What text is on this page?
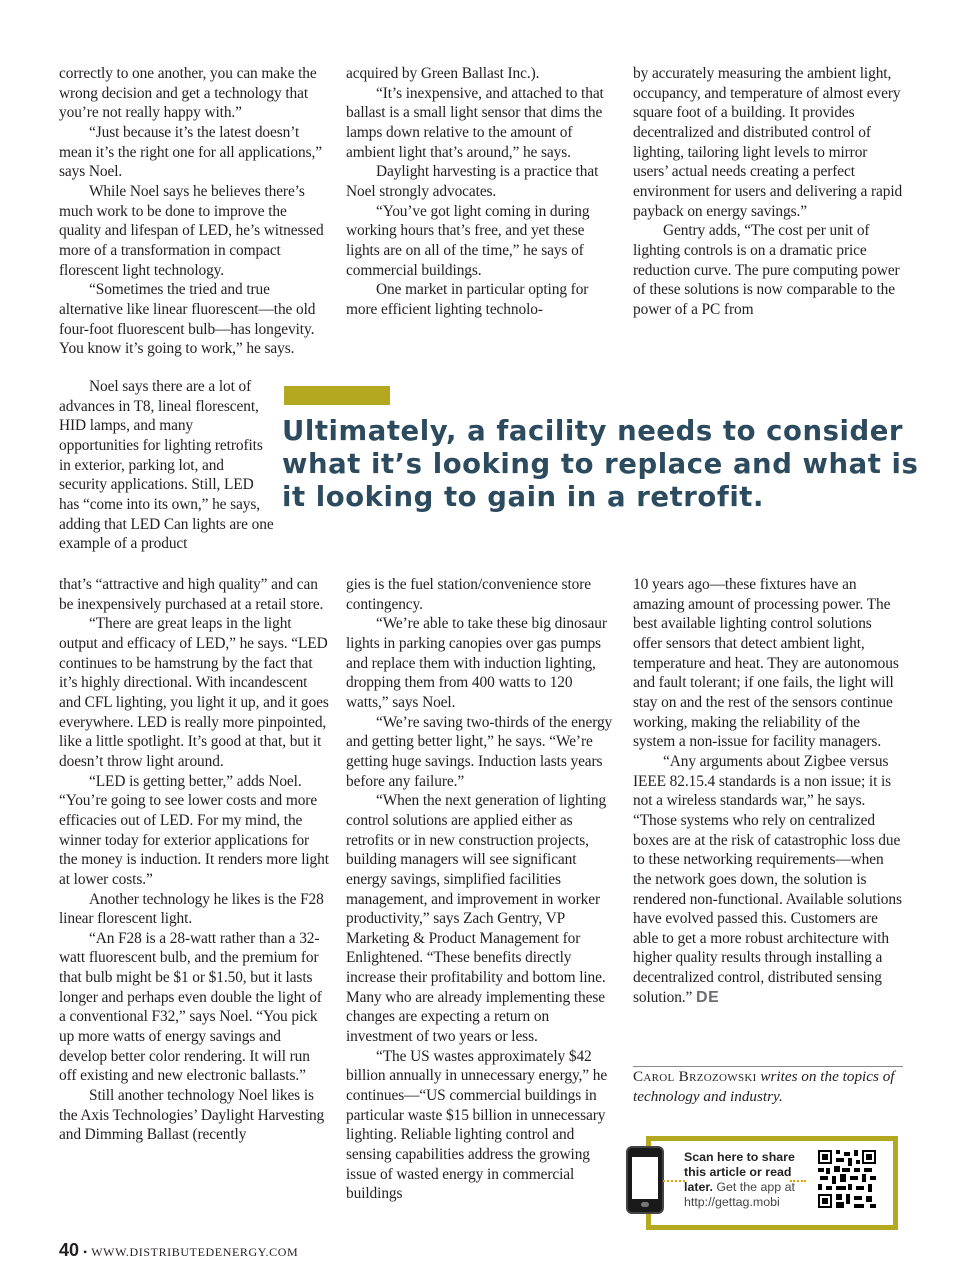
correctly to one another, you can make the wrong decision and get a technology that you’re not really happy with.”

“Just because it’s the latest doesn’t mean it’s the right one for all applications,” says Noel.

While Noel says he believes there’s much work to be done to improve the quality and lifespan of LED, he’s witnessed more of a transformation in compact florescent light technology.

“Sometimes the tried and true alternative like linear fluorescent—the old four-foot fluorescent bulb—has longevity. You know it’s going to work,” he says.

Noel says there are a lot of advances in T8, lineal florescent, HID lamps, and many opportunities for lighting retrofits in exterior, parking lot, and security applications. Still, LED has “come into its own,” he says, adding that LED Can lights are one example of a product

that’s “attractive and high quality” and can be inexpensively purchased at a retail store.

“There are great leaps in the light output and efficacy of LED,” he says. “LED continues to be hamstrung by the fact that it’s highly directional. With incandescent and CFL lighting, you light it up, and it goes everywhere. LED is really more pinpointed, like a little spotlight. It’s good at that, but it doesn’t throw light around.

“LED is getting better,” adds Noel. “You’re going to see lower costs and more efficacies out of LED. For my mind, the winner today for exterior applications for the money is induction. It renders more light at lower costs.”

Another technology he likes is the F28 linear florescent light.

“An F28 is a 28-watt rather than a 32-watt fluorescent bulb, and the premium for that bulb might be $1 or $1.50, but it lasts longer and perhaps even double the light of a conventional F32,” says Noel. “You pick up more watts of energy savings and develop better color rendering. It will run off existing and new electronic ballasts.”

Still another technology Noel likes is the Axis Technologies’ Daylight Harvesting and Dimming Ballast (recently

acquired by Green Ballast Inc.).

“It’s inexpensive, and attached to that ballast is a small light sensor that dims the lamps down relative to the amount of ambient light that’s around,” he says.

Daylight harvesting is a practice that Noel strongly advocates.

“You’ve got light coming in during working hours that’s free, and yet these lights are on all of the time,” he says of commercial buildings.

One market in particular opting for more efficient lighting technolo-

gies is the fuel station/convenience store contingency.

“We’re able to take these big dinosaur lights in parking canopies over gas pumps and replace them with induction lighting, dropping them from 400 watts to 120 watts,” says Noel.

“We’re saving two-thirds of the energy and getting better light,” he says. “We’re getting huge savings. Induction lasts years before any failure.”

“When the next generation of lighting control solutions are applied either as retrofits or in new construction projects, building managers will see significant energy savings, simplified facilities management, and improvement in worker productivity,” says Zach Gentry, VP Marketing & Product Management for Enlightened. “These benefits directly increase their profitability and bottom line. Many who are already implementing these changes are expecting a return on investment of two years or less.

“The US wastes approximately $42 billion annually in unnecessary energy,” he continues—“US commercial buildings in particular waste $15 billion in unnecessary lighting. Reliable lighting control and sensing capabilities address the growing issue of wasted energy in commercial buildings

by accurately measuring the ambient light, occupancy, and temperature of almost every square foot of a building. It provides decentralized and distributed control of lighting, tailoring light levels to mirror users’ actual needs creating a perfect environment for users and delivering a rapid payback on energy savings.”

Gentry adds, “The cost per unit of lighting controls is on a dramatic price reduction curve. The pure computing power of these solutions is now comparable to the power of a PC from

10 years ago—these fixtures have an amazing amount of processing power. The best available lighting control solutions offer sensors that detect ambient light, temperature and heat. They are autonomous and fault tolerant; if one fails, the light will stay on and the rest of the sensors continue working, making the reliability of the system a non-issue for facility managers.

“Any arguments about Zigbee versus IEEE 82.15.4 standards is a non issue; it is not a wireless standards war,” he says. “Those systems who rely on centralized boxes are at the risk of catastrophic loss due to these networking requirements—when the network goes down, the solution is rendered non-functional. Available solutions have evolved passed this. Customers are able to get a more robust architecture with higher quality results through installing a decentralized control, distributed sensing solution.” DE

Ultimately, a facility needs to consider what it’s looking to replace and what is it looking to gain in a retrofit.
Carol Brzozowski writes on the topics of technology and industry.
Scan here to share this article or read later. Get the app at http://gettag.mobi
40 • WWW.DISTRIBUTEDENERGY.COM
